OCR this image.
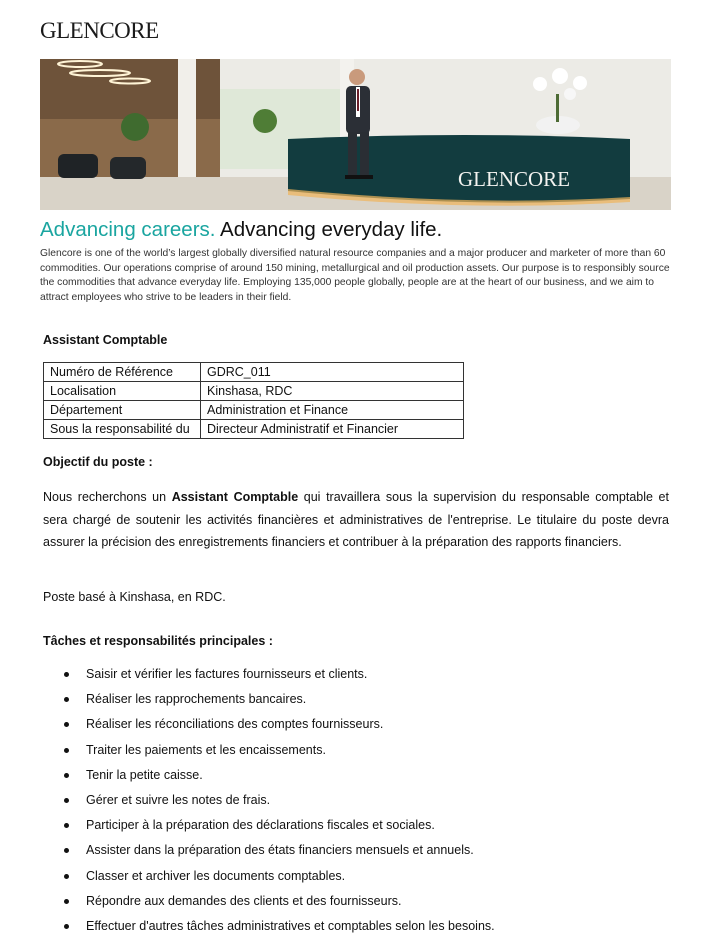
GLENCORE
GLENCORE
Advancing careers. Advancing everyday life.

Glencore is one of the world’s largest globally diversified natural resource companies and a major producer and marketer of more than 60 commodities. Our operations comprise of around 150 mining, metallurgical and oil production assets. Our purpose is to responsibly source the commodities that advance everyday life. Employing 135,000 people globally, people are at the heart of our business, and we aim to attract employees who strive to be leaders in their field.

Assistant Comptable
Numéro de Référence	GDRC_011
Localisation	Kinshasa, RDC
Département	Administration et Finance
Sous la responsabilité du	Directeur Administratif et Financier
Objectif du poste :

Nous recherchons un Assistant Comptable qui travaillera sous la supervision du responsable comptable et sera chargé de soutenir les activités financières et administratives de l'entreprise. Le titulaire du poste devra assurer la précision des enregistrements financiers et contribuer à la préparation des rapports financiers.

Poste basé à Kinshasa, en RDC.
Tâches et responsabilités principales :
Saisir et vérifier les factures fournisseurs et clients.
Réaliser les rapprochements bancaires.
Réaliser les réconciliations des comptes fournisseurs.
Traiter les paiements et les encaissements.
Tenir la petite caisse.
Gérer et suivre les notes de frais.
Participer à la préparation des déclarations fiscales et sociales.
Assister dans la préparation des états financiers mensuels et annuels.
Classer et archiver les documents comptables.
Répondre aux demandes des clients et des fournisseurs.
Effectuer d'autres tâches administratives et comptables selon les besoins.
